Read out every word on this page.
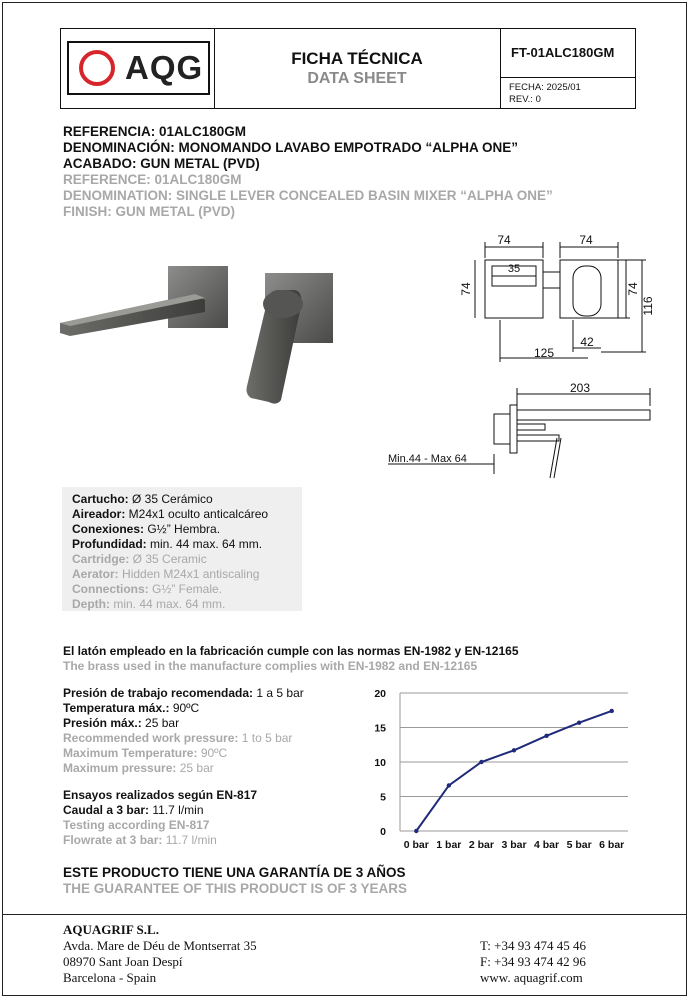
AQG	FICHA TÉCNICA
DATA SHEET
FT-01ALC180GM
FECHA: 2025/01
REV.: 0
REFERENCIA: 01ALC180GM
DENOMINACIÓN: MONOMANDO LAVABO EMPOTRADO “ALPHA ONE”
ACABADO: GUN METAL (PVD)
REFERENCE: 01ALC180GM
DENOMINATION: SINGLE LEVER CONCEALED BASIN MIXER “ALPHA ONE”
FINISH: GUN METAL (PVD)
74	74
35
74	74
116
125
42
203
Min.44 - Max 64
Cartucho: Ø 35 Cerámico
Aireador: M24x1 oculto anticalcáreo
Conexiones: G½” Hembra.
Profundidad: min. 44 max. 64 mm.
Cartridge: Ø 35 Ceramic
Aerator: Hidden M24x1 antiscaling
Connections: G½” Female.
Depth: min. 44 max. 64 mm.
El latón empleado en la fabricación cumple con las normas EN-1982 y EN-12165
The brass used in the manufacture complies with EN-1982 and EN-12165
Presión de trabajo recomendada: 1 a 5 bar
Temperatura máx.: 90ºC
Presión máx.: 25 bar
Recommended work pressure: 1 to 5 bar
Maximum Temperature: 90ºC
Maximum pressure: 25 bar
Ensayos realizados según EN-817
Caudal a 3 bar: 11.7 l/min
Testing according EN-817
Flowrate at 3 bar: 11.7 l/min
0
5
10
15
20
0 bar 1 bar 2 bar 3 bar 4 bar 5 bar 6 bar
ESTE PRODUCTO TIENE UNA GARANTÍA DE 3 AÑOS
THE GUARANTEE OF THIS PRODUCT IS OF 3 YEARS
AQUAGRIF S.L.
Avda. Mare de Déu de Montserrat 35
08970 Sant Joan Despí
Barcelona - Spain
T: +34 93 474 45 46
F: +34 93 474 42 96
www. aquagrif.com
